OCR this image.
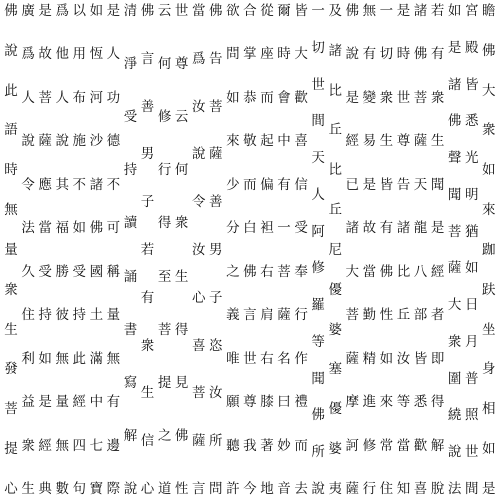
瞻
佛
大
衆
如
來
跏
趺
坐
身
相
如
是
宮
殿
皆
悉
光
明
猶
如
日
月
普
照
世
間
如
是
諸
佛
聲
聞
菩
薩
大
衆
圍
繞
說
法
若
有
衆
生
聞
是
經
者
即
得
解
脫
諸
佛
菩
薩
天
龍
八
部
皆
悉
歡
喜
是
時
世
尊
告
諸
比
丘
汝
等
當
知
一
切
衆
生
皆
有
佛
性
如
來
常
住
無
有
變
易
是
故
當
勤
精
進
修
行
佛
說
是
經
已
諸
大
菩
薩
摩
訶
薩
及
諸
比
丘
比
丘
尼
優
婆
塞
優
婆
夷
一
切
世
間
天
人
阿
修
羅
等
聞
佛
所
說
皆
大
歡
喜
信
受
奉
行
作
禮
而
去
爾
時
會
中
有
一
菩
薩
名
曰
妙
音
從
座
而
起
偏
袒
右
肩
右
膝
著
地
合
掌
恭
敬
而
白
佛
言
世
尊
我
今
欲
問
如
來
少
分
之
義
唯
願
聽
許
佛
告
菩
薩
善
男
子
恣
汝
所
問
當
爲
汝
說
令
汝
心
喜
菩
薩
言
世
尊
云
何
衆
生
得
見
佛
性
云
何
修
行
得
至
菩
提
之
道
佛
言
善
男
子
若
有
衆
生
信
心
清
淨
受
持
讀
誦
書
寫
解
說
是
人
功
德
不
可
稱
量
無
有
邊
際
如
恆
河
沙
諸
佛
國
土
滿
中
七
寶
以
用
布
施
不
如
受
持
此
經
四
句
爲
他
人
說
其
福
勝
彼
無
量
無
數
是
故
菩
薩
應
當
受
持
如
是
經
典
廣
爲
人
說
令
法
久
住
利
益
衆
生
佛
說
此
語
時
無
量
衆
生
發
菩
提
心
